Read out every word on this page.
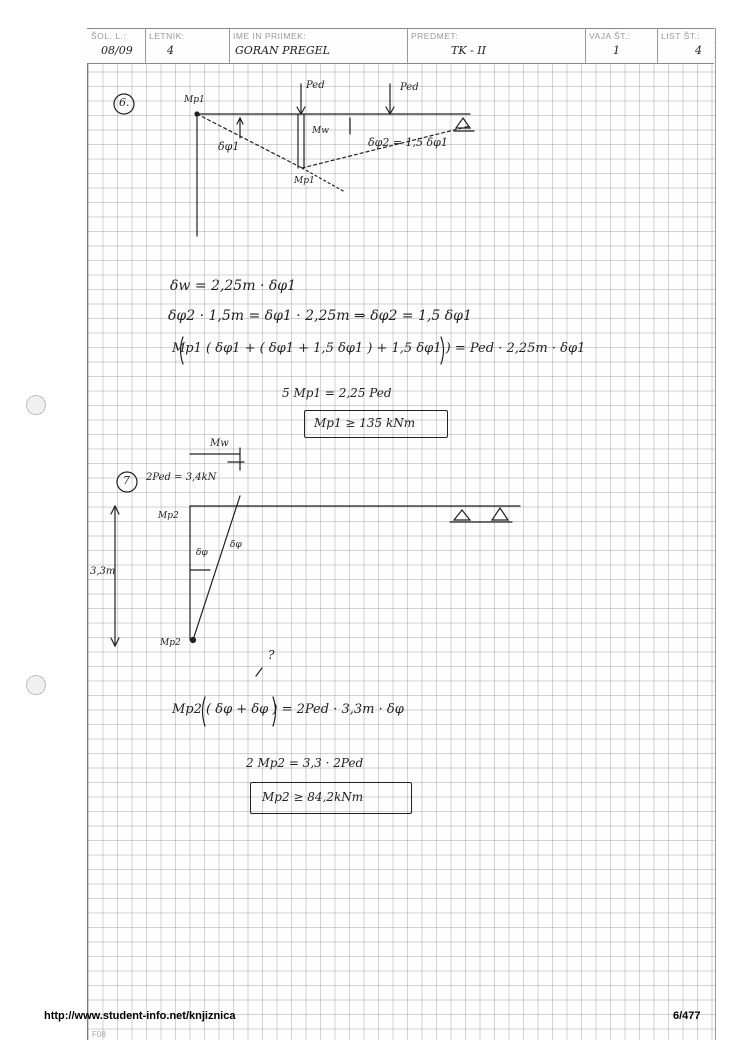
ŠOL. L.:
08/09
LETNIK:
4
IME IN PRIIMEK:
GORAN PREGEL
PREDMET:
TK - II
VAJA ŠT.:
1
LIST ŠT.:
4
6.	Mp1
Ped	Ped
Mw
δφ1	δφ2 = 1,5 δφ1
Mp1
δw = 2,25m · δφ1
δφ2 · 1,5m = δφ1 · 2,25m ⇒ δφ2 = 1,5 δφ1
Mp1 ( δφ1 + ( δφ1 + 1,5 δφ1 ) + 1,5 δφ1 ) = Ped · 2,25m · δφ1
5 Mp1 = 2,25 Ped
Mp1 ≥ 135 kNm
7
Mw
2Ped = 3,4kN
Mp2
δφ
δφ
3,3m
Mp2
?
Mp2 ( δφ + δφ ) = 2Ped · 3,3m · δφ
2 Mp2 = 3,3 · 2Ped
Mp2 ≥ 84,2kNm
http://www.student-info.net/knjiznica	6/477
F08
